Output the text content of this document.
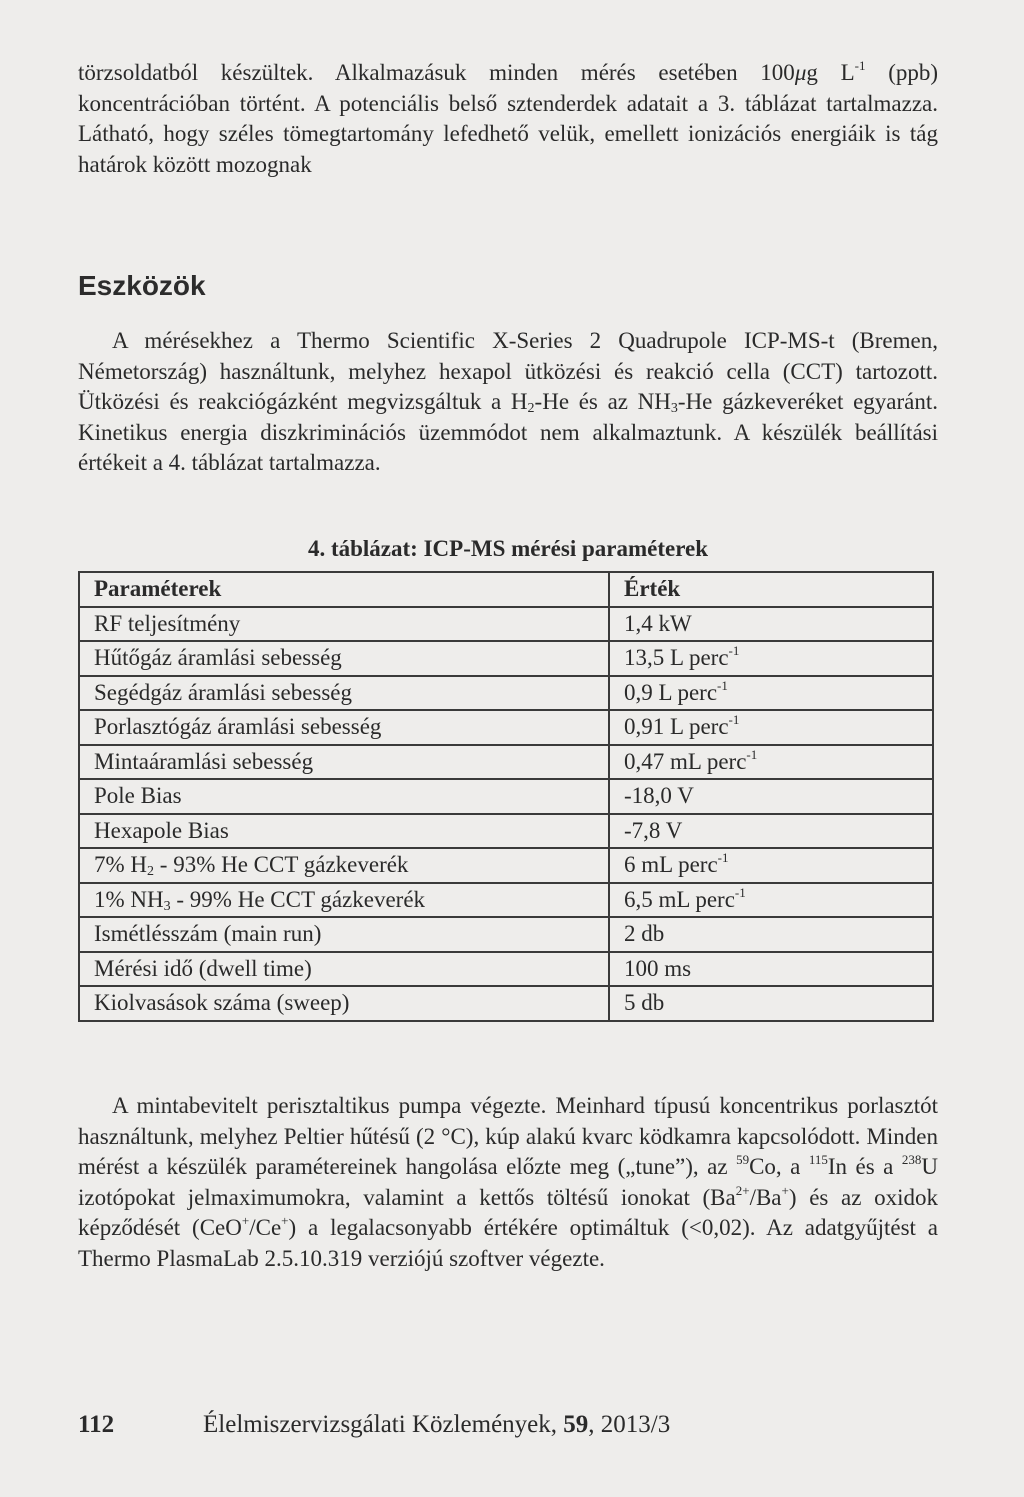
törzsoldatból készültek. Alkalmazásuk minden mérés esetében 100μg $L^{-1}$ (ppb) koncentrációban történt. A potenciális belső sztenderdek adatait a 3. táblázat tartalmazza. Látható, hogy széles tömegtartomány lefedhető velük, emellett ionizációs energiáik is tág határok között mozognak

Eszközök

A mérésekhez a Thermo Scientific X-Series 2 Quadrupole ICP-MS-t (Bremen, Németország) használtunk, melyhez hexapol ütközési és reakció cella (CCT) tartozott. Ütközési és reakciógázként megvizsgáltuk a $H_2-He$ és az $NH_3-He$ gázkeveréket egyaránt. Kinetikus energia diszkriminációs üzemmódot nem alkalmaztunk. A készülék beállítási értékeit a 4. táblázat tartalmazza.

4. táblázat: ICP-MS mérési paraméterek
Paraméterek	Érték
RF teljesítmény	1,4 kW
Hűtőgáz áramlási sebesség	13,5 L perc$^{-1}$
Segédgáz áramlási sebesség	0,9 L perc$^{-1}$
Porlasztógáz áramlási sebesség	0,91 L perc$^{-1}$
Mintaáramlási sebesség	0,47 mL perc$^{-1}$
Pole Bias	-18,0 V
Hexapole Bias	-7,8 V
7% $H_2 - 93\%$ He CCT gázkeverék	6 mL perc$^{-1}$
1% $NH_3 - 99\%$ He CCT gázkeverék	6,5 mL perc$^{-1}$
Ismétlésszám (main run)	2 db
Mérési idő (dwell time)	100 ms
Kiolvasások száma (sweep)	5 db

A mintabevitelt perisztaltikus pumpa végezte. Meinhard típusú koncentrikus porlasztót használtunk, melyhez Peltier hűtésű (2 °C), kúp alakú kvarc ködkamra kapcsolódott. Minden mérést a készülék paramétereinek hangolása előzte meg („tune”), az $^{59}$Co, a $^{115}$In és a $^{238}$U izotópokat jelmaximumokra, valamint a kettős töltésű ionokat $(Ba^{2+}/Ba^+)$ és az oxidok képződését (CeO+/Ce+) a legalacsonyabb értékére optimáltuk (<0,02). Az adatgyűjtést a Thermo PlasmaLab 2.5.10.319 verziójú szoftver végezte.

112	Élelmiszervizsgálati Közlemények, 59, 2013/3
